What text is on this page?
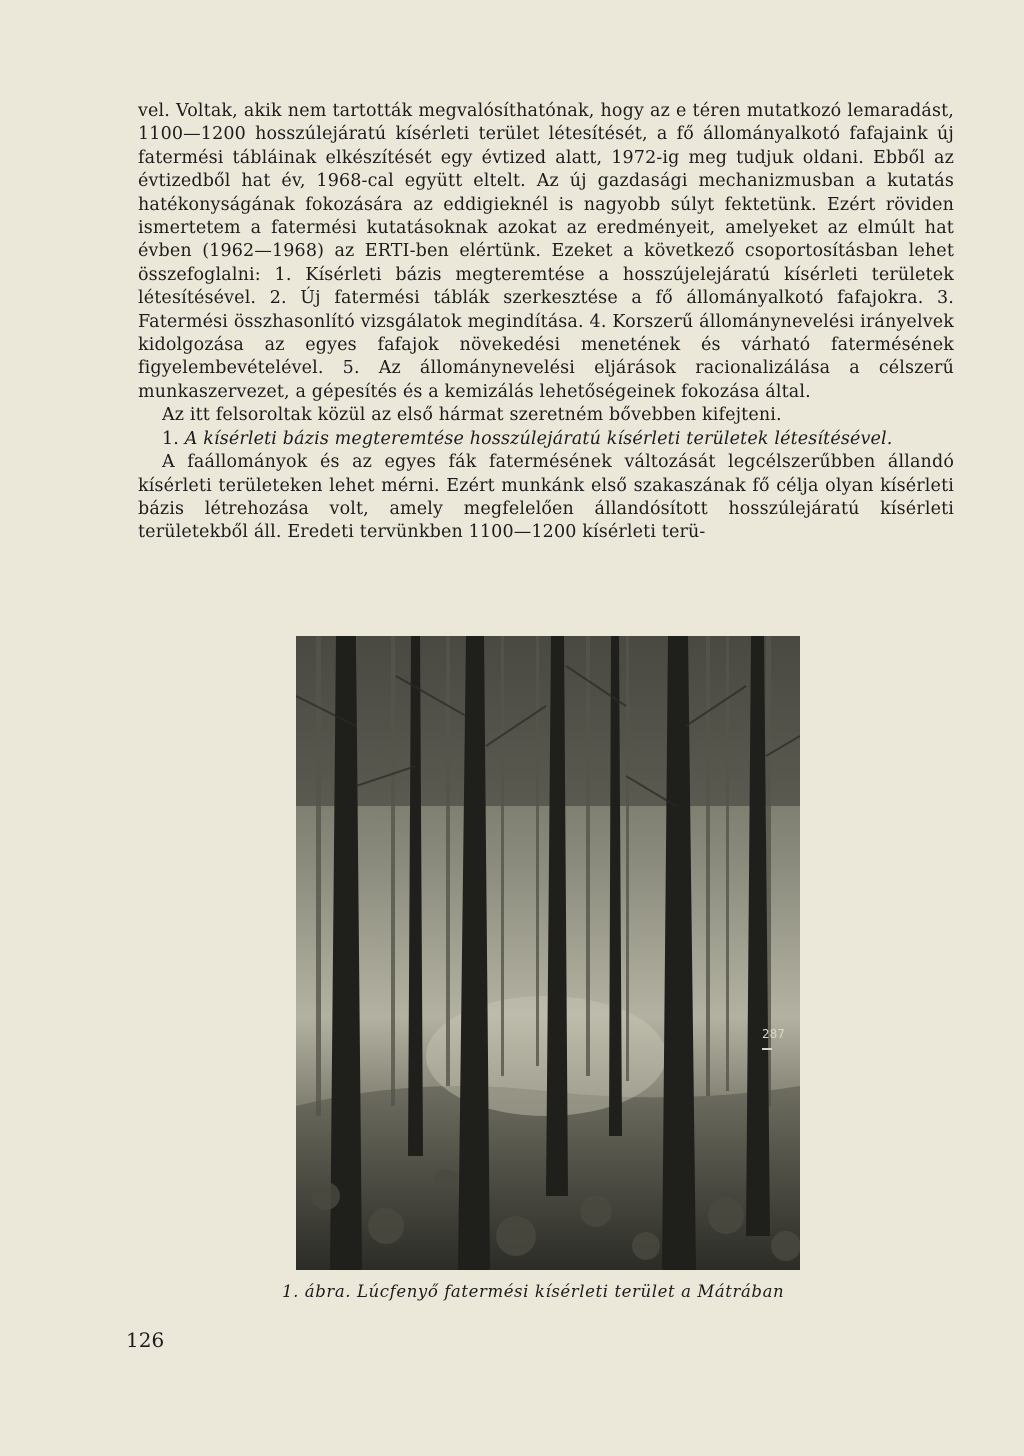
vel. Voltak, akik nem tartották megvalósíthatónak, hogy az e téren mutatkozó lemaradást, 1100—1200 hosszúlejáratú kísérleti terület létesítését, a fő állományalkotó fafajaink új fatermési tábláinak elkészítését egy évtized alatt, 1972-ig meg tudjuk oldani. Ebből az évtizedből hat év, 1968-cal együtt eltelt. Az új gazdasági mechanizmusban a kutatás hatékonyságának fokozására az eddigieknél is nagyobb súlyt fektetünk. Ezért röviden ismertetem a fatermési kutatásoknak azokat az eredményeit, amelyeket az elmúlt hat évben (1962—1968) az ERTI-ben elértünk. Ezeket a következő csoportosításban lehet összefoglalni: 1. Kísérleti bázis megteremtése a hosszújelejáratú kísérleti területek létesítésével. 2. Új fatermési táblák szerkesztése a fő állományalkotó fafajokra. 3. Fatermési összhasonlító vizsgálatok megindítása. 4. Korszerű állománynevelési irányelvek kidolgozása az egyes fafajok növekedési menetének és várható fatermésének figyelembevételével. 5. Az állománynevelési eljárások racionalizálása a célszerű munkaszervezet, a gépesítés és a kemizálás lehetőségeinek fokozása által.

Az itt felsoroltak közül az első hármat szeretném bővebben kifejteni.

1. A kísérleti bázis megteremtése hosszúlejáratú kísérleti területek létesítésével.

A faállományok és az egyes fák fatermésének változását legcélszerűbben állandó kísérleti területeken lehet mérni. Ezért munkánk első szakaszának fő célja olyan kísérleti bázis létrehozása volt, amely megfelelően állandósított hosszúlejáratú kísérleti területekből áll. Eredeti tervünkben 1100—1200 kísérleti terü-

287
1. ábra. Lúcfenyő fatermési kísérleti terület a Mátrában
126
